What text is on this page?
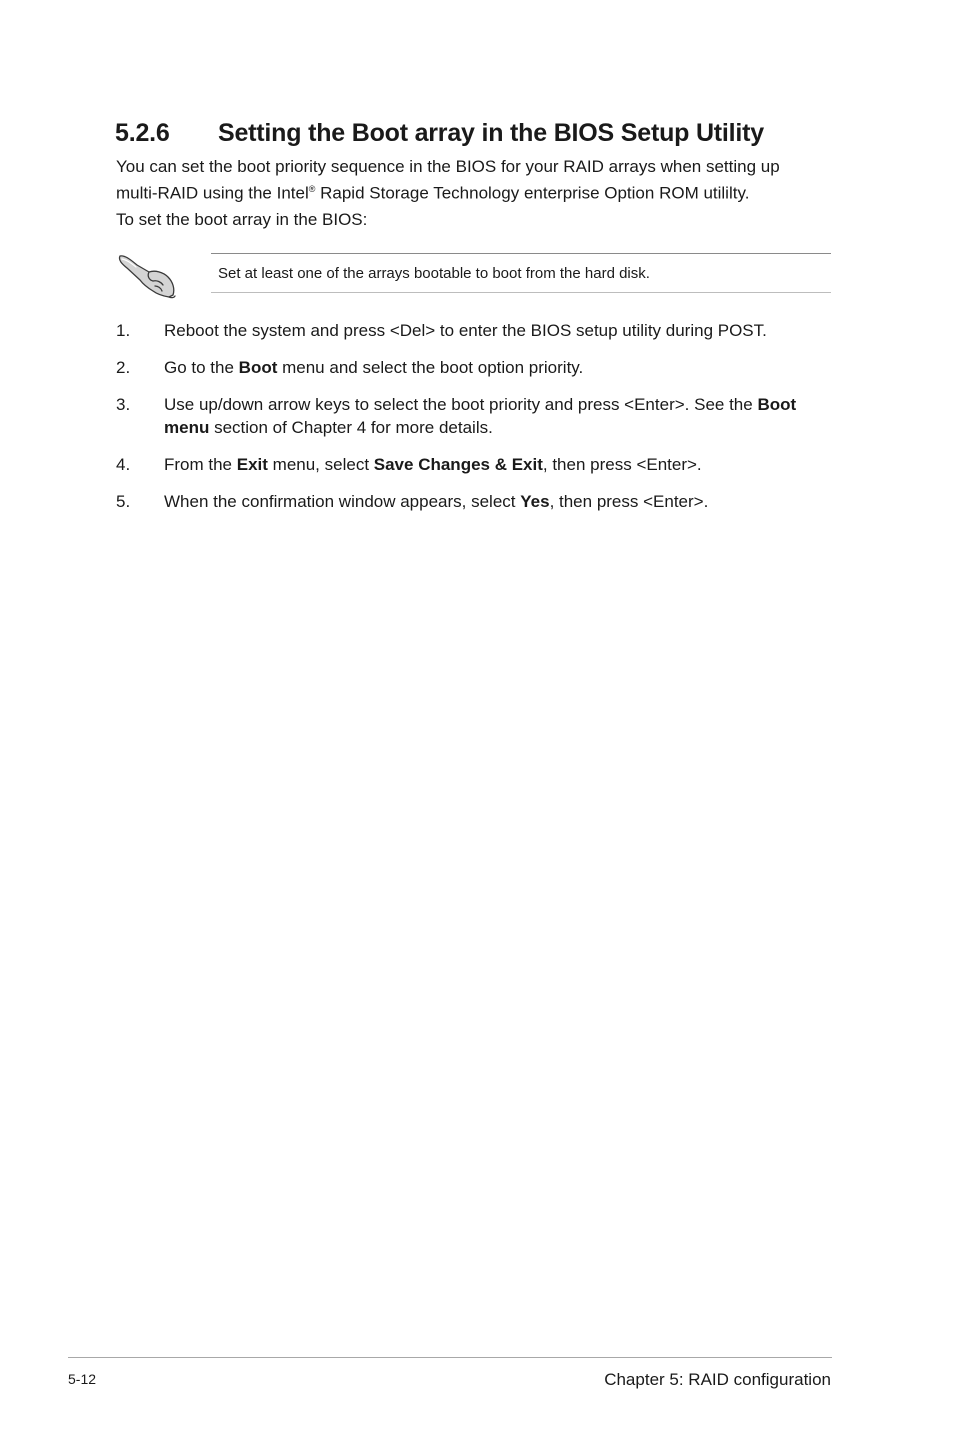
5.2.6 Setting the Boot array in the BIOS Setup Utility

You can set the boot priority sequence in the BIOS for your RAID arrays when setting up
multi-RAID using the Intel® Rapid Storage Technology enterprise Option ROM utililty.

To set the boot array in the BIOS:

Set at least one of the arrays bootable to boot from the hard disk.
1. Reboot the system and press <Del> to enter the BIOS setup utility during POST.
2. Go to the Boot menu and select the boot option priority.
3. Use up/down arrow keys to select the boot priority and press <Enter>. See the Boot menu section of Chapter 4 for more details.
4. From the Exit menu, select Save Changes & Exit, then press <Enter>.
5. When the confirmation window appears, select Yes, then press <Enter>.
5-12	Chapter 5: RAID configuration
